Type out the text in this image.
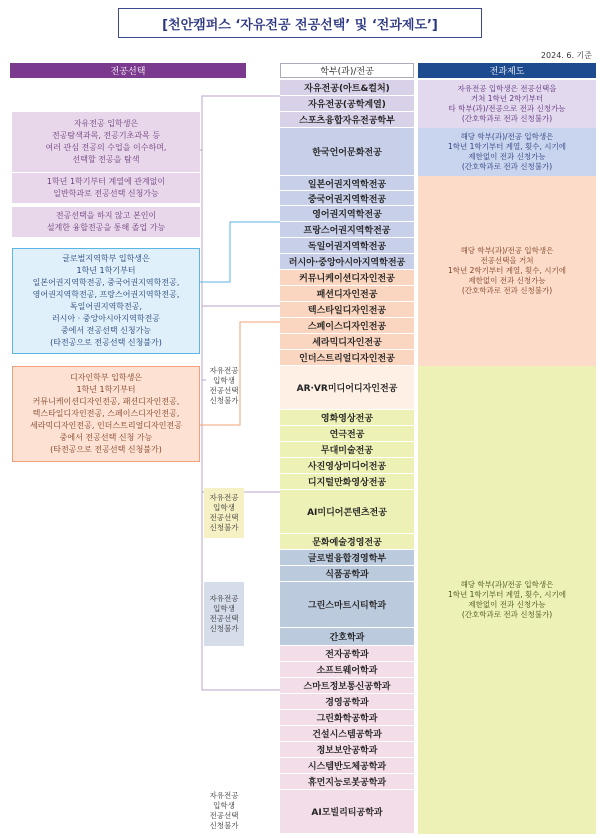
[천안캠퍼스 ‘자유전공 전공선택’ 및 ‘전과제도’]
2024. 6. 기준
전공선택	학부(과)/전공	전과제도
자유전공 입학생은
전공탐색과목, 전공기초과목 등
여러 관심 전공의 수업을 이수하며,
선택할 전공을 탐색
1학년 1학기부터 계열에 관계없이
일반학과로 전공선택 신청가능
전공선택을 하지 않고 본인이
설계한 융합전공을 통해 졸업 가능
글로벌지역학부 입학생은
1학년 1학기부터
일본어권지역학전공, 중국어권지역학전공,
영어권지역학전공, 프랑스어권지역학전공,
독일어권지역학전공,
러시아 · 중앙아시아지역학전공
중에서 전공선택 신청가능
(타전공으로 전공선택 신청불가)
디자인학부 입학생은
1학년 1학기부터
커뮤니케이션디자인전공, 패션디자인전공,
텍스타일디자인전공, 스페이스디자인전공,
세라믹디자인전공, 인더스트리얼디자인전공
중에서 전공선택 신청 가능
(타전공으로 전공선택 신청불가)
자유전공
입학생
전공선택
신청불가
자유전공
입학생
전공선택
신청불가
자유전공
입학생
전공선택
신청불가
자유전공
입학생
전공선택
신청불가
자유전공(아트&컬처)
자유전공(공학계열)
스포츠융합자유전공학부
한국언어문화전공
일본어권지역학전공
중국어권지역학전공
영어권지역학전공
프랑스어권지역학전공
독일어권지역학전공
러시아·중앙아시아지역학전공
커뮤니케이션디자인전공
패션디자인전공
텍스타일디자인전공
스페이스디자인전공
세라믹디자인전공
인더스트리얼디자인전공
AR·VR미디어디자인전공
영화영상전공
연극전공
무대미술전공
사진영상미디어전공
디지털만화영상전공
AI미디어콘텐츠전공
문화예술경영전공
글로벌융합경영학부
식품공학과
그린스마트시티학과
간호학과
전자공학과
소프트웨어학과
스마트정보통신공학과
경영공학과
그린화학공학과
건설시스템공학과
정보보안공학과
시스템반도체공학과
휴먼지능로봇공학과
AI모빌리티공학과
자유전공 입학생은 전공선택을
거쳐 1학년 2학기부터
타 학부(과)/전공으로 전과 신청가능
(간호학과로 전과 신청불가)
해당 학부(과)/전공 입학생은
1학년 1학기부터 계열, 횟수, 시기에
제한없이 전과 신청가능
(간호학과로 전과 신청불가)
해당 학부(과)/전공 입학생은
전공선택을 거쳐
1학년 2학기부터 계열, 횟수, 시기에
제한없이 전과 신청가능
(간호학과로 전과 신청불가)
해당 학부(과)/전공 입학생은
1학년 1학기부터 계열, 횟수, 시기에
제한없이 전과 신청가능
(간호학과로 전과 신청불가)
